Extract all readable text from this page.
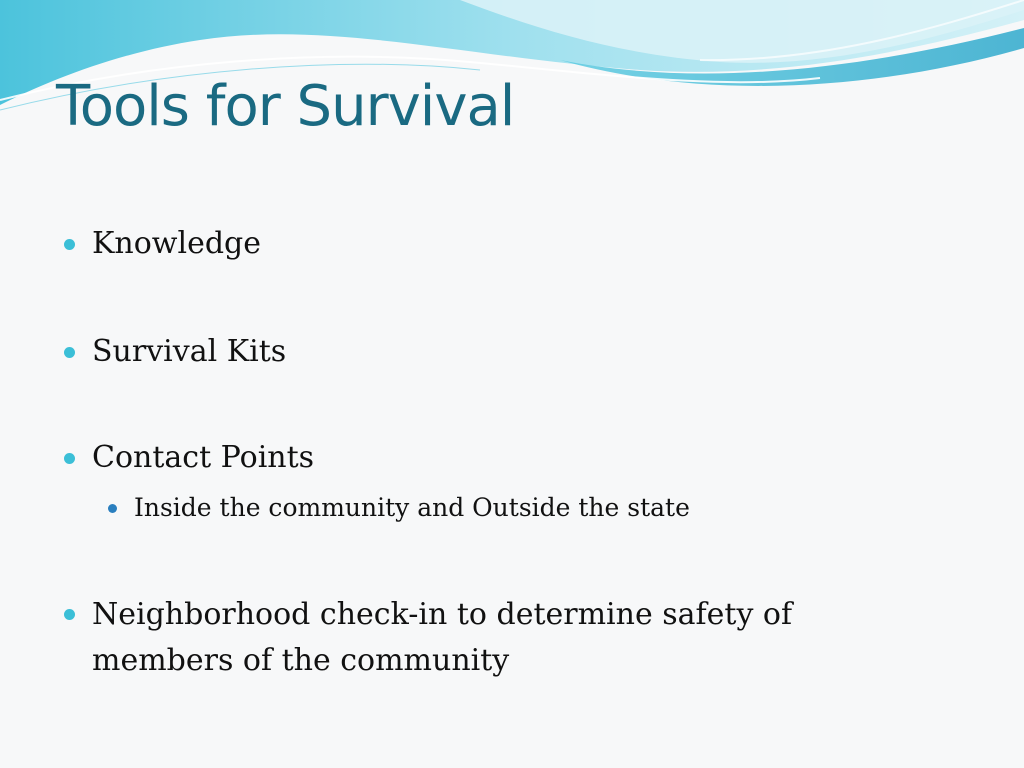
Tools for Survival
Knowledge
Survival Kits
Contact Points
Inside the community and Outside the state
Neighborhood check-in to determine safety of members of the community
